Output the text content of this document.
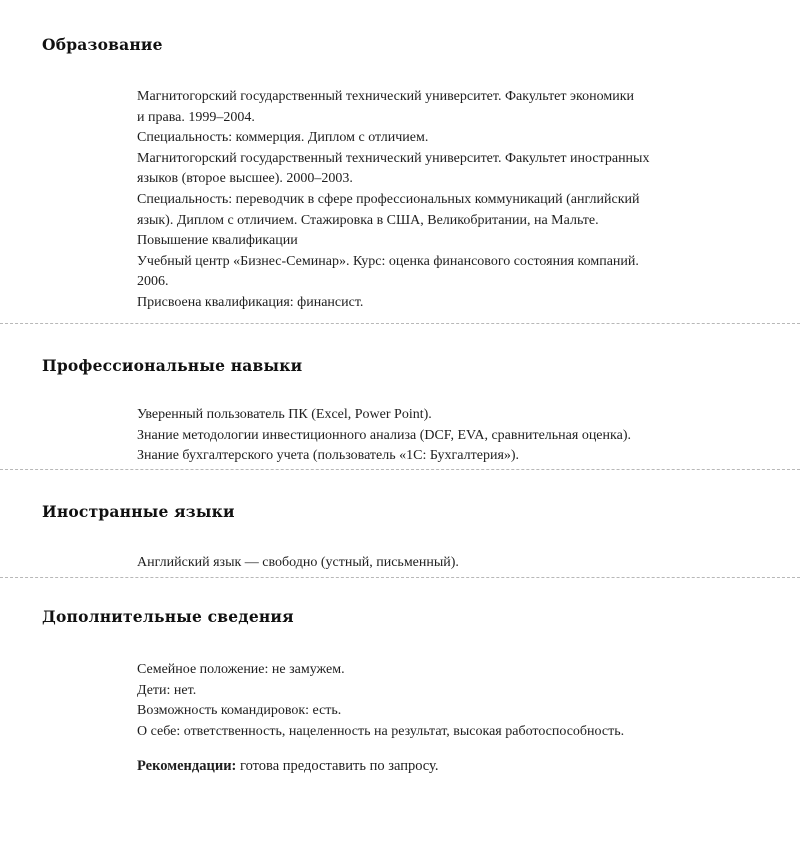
Образование
Магнитогорский государственный технический университет. Факультет экономики
и права. 1999–2004.
Специальность: коммерция. Диплом с отличием.
Магнитогорский государственный технический университет. Факультет иностранных
языков (второе высшее). 2000–2003.
Специальность: переводчик в сфере профессиональных коммуникаций (английский
язык). Диплом с отличием. Стажировка в США, Великобритании, на Мальте.
Повышение квалификации
Учебный центр «Бизнес-Семинар». Курс: оценка финансового состояния компаний.
2006.
Присвоена квалификация: финансист.
Профессиональные навыки
Уверенный пользователь ПК (Excel, Power Point).
Знание методологии инвестиционного анализа (DCF, EVA, сравнительная оценка).
Знание бухгалтерского учета (пользователь «1С: Бухгалтерия»).
Иностранные языки
Английский язык — свободно (устный, письменный).
Дополнительные сведения
Семейное положение: не замужем.
Дети: нет.
Возможность командировок: есть.
О себе: ответственность, нацеленность на результат, высокая работоспособность.
Рекомендации: готова предоставить по запросу.
